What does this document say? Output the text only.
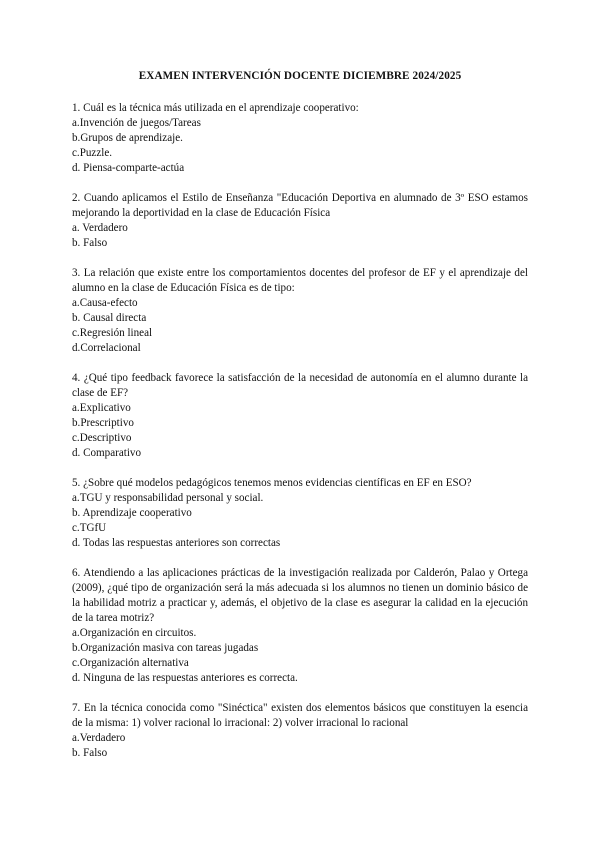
EXAMEN INTERVENCIÓN DOCENTE DICIEMBRE 2024/2025

1. Cuál es la técnica más utilizada en el aprendizaje cooperativo:

a.Invención de juegos/Tareas

b.Grupos de aprendizaje.

c.Puzzle.

d. Piensa-comparte-actúa

2. Cuando aplicamos el Estilo de Enseñanza "Educación Deportiva en alumnado de 3º ESO estamos mejorando la deportividad en la clase de Educación Física

a. Verdadero

b. Falso

3. La relación que existe entre los comportamientos docentes del profesor de EF y el aprendizaje del alumno en la clase de Educación Física es de tipo:

a.Causa-efecto

b. Causal directa

c.Regresión lineal

d.Correlacional

4. ¿Qué tipo feedback favorece la satisfacción de la necesidad de autonomía en el alumno durante la clase de EF?

a.Explicativo

b.Prescriptivo

c.Descriptivo

d. Comparativo

5. ¿Sobre qué modelos pedagógicos tenemos menos evidencias científicas en EF en ESO?

a.TGU y responsabilidad personal y social.

b. Aprendizaje cooperativo

c.TGfU

d. Todas las respuestas anteriores son correctas

6. Atendiendo a las aplicaciones prácticas de la investigación realizada por Calderón, Palao y Ortega (2009), ¿qué tipo de organización será la más adecuada si los alumnos no tienen un dominio básico de la habilidad motriz a practicar y, además, el objetivo de la clase es asegurar la calidad en la ejecución de la tarea motriz?

a.Organización en circuitos.

b.Organización masiva con tareas jugadas

c.Organización alternativa

d. Ninguna de las respuestas anteriores es correcta.

7. En la técnica conocida como "Sinéctica" existen dos elementos básicos que constituyen la esencia de la misma: 1) volver racional lo irracional: 2) volver irracional lo racional

a.Verdadero

b. Falso
